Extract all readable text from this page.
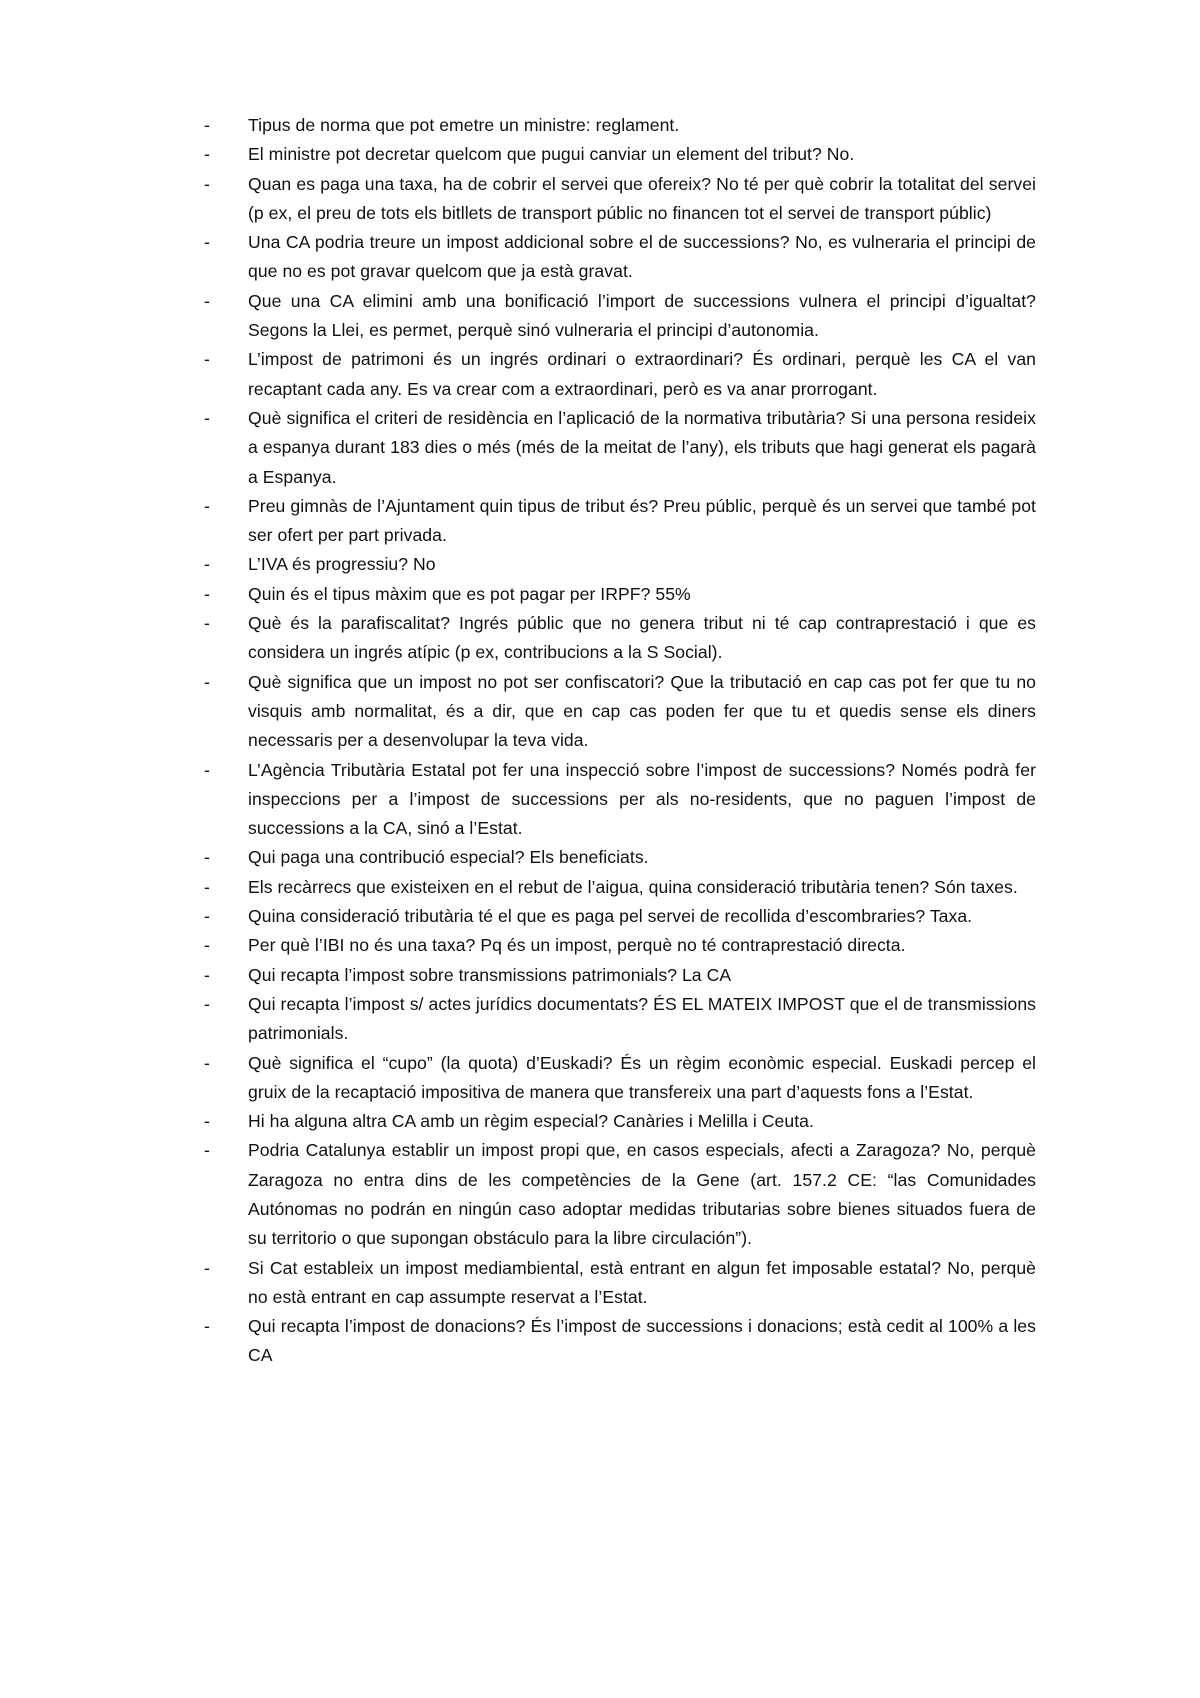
- Tipus de norma que pot emetre un ministre: reglament.
- El ministre pot decretar quelcom que pugui canviar un element del tribut? No.
- Quan es paga una taxa, ha de cobrir el servei que ofereix? No té per què cobrir la totalitat del servei (p ex, el preu de tots els bitllets de transport públic no financen tot el servei de transport públic)
- Una CA podria treure un impost addicional sobre el de successions? No, es vulneraria el principi de que no es pot gravar quelcom que ja està gravat.
- Que una CA elimini amb una bonificació l’import de successions vulnera el principi d’igualtat? Segons la Llei, es permet, perquè sinó vulneraria el principi d’autonomia.
- L’impost de patrimoni és un ingrés ordinari o extraordinari? És ordinari, perquè les CA el van recaptant cada any. Es va crear com a extraordinari, però es va anar prorrogant.
- Què significa el criteri de residència en l’aplicació de la normativa tributària? Si una persona resideix a espanya durant 183 dies o més (més de la meitat de l’any), els tributs que hagi generat els pagarà a Espanya.
- Preu gimnàs de l’Ajuntament quin tipus de tribut és? Preu públic, perquè és un servei que també pot ser ofert per part privada.
- L’IVA és progressiu? No
- Quin és el tipus màxim que es pot pagar per IRPF? 55%
- Què és la parafiscalitat? Ingrés públic que no genera tribut ni té cap contraprestació i que es considera un ingrés atípic (p ex, contribucions a la S Social).
- Què significa que un impost no pot ser confiscatori? Que la tributació en cap cas pot fer que tu no visquis amb normalitat, és a dir, que en cap cas poden fer que tu et quedis sense els diners necessaris per a desenvolupar la teva vida.
- L’Agència Tributària Estatal pot fer una inspecció sobre l’impost de successions? Només podrà fer inspeccions per a l’impost de successions per als no-residents, que no paguen l’impost de successions a la CA, sinó a l’Estat.
- Qui paga una contribució especial? Els beneficiats.
- Els recàrrecs que existeixen en el rebut de l’aigua, quina consideració tributària tenen? Són taxes.
- Quina consideració tributària té el que es paga pel servei de recollida d’escombraries? Taxa.
- Per què l’IBI no és una taxa? Pq és un impost, perquè no té contraprestació directa.
- Qui recapta l’impost sobre transmissions patrimonials? La CA
- Qui recapta l’impost s/ actes jurídics documentats? ÉS EL MATEIX IMPOST que el de transmissions patrimonials.
- Què significa el “cupo” (la quota) d’Euskadi? És un règim econòmic especial. Euskadi percep el gruix de la recaptació impositiva de manera que transfereix una part d’aquests fons a l’Estat.
- Hi ha alguna altra CA amb un règim especial? Canàries i Melilla i Ceuta.
- Podria Catalunya establir un impost propi que, en casos especials, afecti a Zaragoza? No, perquè Zaragoza no entra dins de les competències de la Gene (art. 157.2 CE: “las Comunidades Autónomas no podrán en ningún caso adoptar medidas tributarias sobre bienes situados fuera de su territorio o que supongan obstáculo para la libre circulación”).
- Si Cat estableix un impost mediambiental, està entrant en algun fet imposable estatal? No, perquè no està entrant en cap assumpte reservat a l’Estat.
- Qui recapta l’impost de donacions? És l’impost de successions i donacions; està cedit al 100% a les CA
